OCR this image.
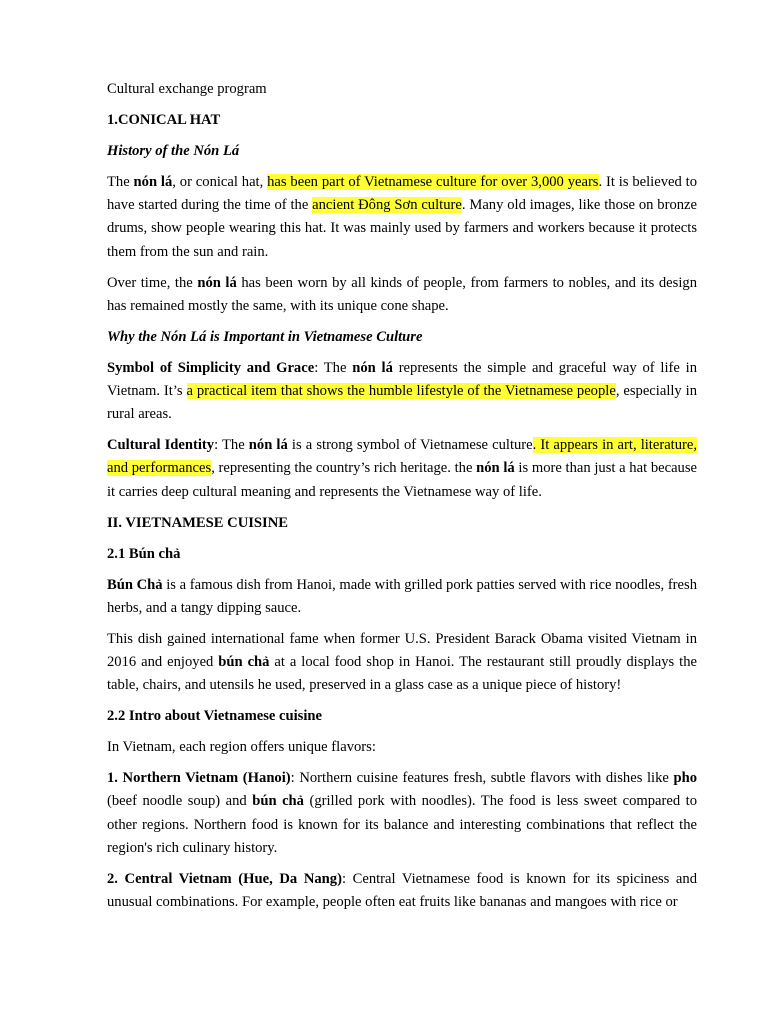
Cultural exchange program

1.CONICAL HAT

History of the Nón Lá

The nón lá, or conical hat, has been part of Vietnamese culture for over 3,000 years. It is believed to have started during the time of the ancient Đông Sơn culture. Many old images, like those on bronze drums, show people wearing this hat. It was mainly used by farmers and workers because it protects them from the sun and rain.

Over time, the nón lá has been worn by all kinds of people, from farmers to nobles, and its design has remained mostly the same, with its unique cone shape.

Why the Nón Lá is Important in Vietnamese Culture

Symbol of Simplicity and Grace: The nón lá represents the simple and graceful way of life in Vietnam. It’s a practical item that shows the humble lifestyle of the Vietnamese people, especially in rural areas.

Cultural Identity: The nón lá is a strong symbol of Vietnamese culture. It appears in art, literature, and performances, representing the country’s rich heritage. the nón lá is more than just a hat because it carries deep cultural meaning and represents the Vietnamese way of life.

II. VIETNAMESE CUISINE

2.1 Bún chả

Bún Chả is a famous dish from Hanoi, made with grilled pork patties served with rice noodles, fresh herbs, and a tangy dipping sauce.

This dish gained international fame when former U.S. President Barack Obama visited Vietnam in 2016 and enjoyed bún chả at a local food shop in Hanoi. The restaurant still proudly displays the table, chairs, and utensils he used, preserved in a glass case as a unique piece of history!

2.2 Intro about Vietnamese cuisine

In Vietnam, each region offers unique flavors:

1. Northern Vietnam (Hanoi): Northern cuisine features fresh, subtle flavors with dishes like pho (beef noodle soup) and bún chả (grilled pork with noodles). The food is less sweet compared to other regions. Northern food is known for its balance and interesting combinations that reflect the region's rich culinary history.

2. Central Vietnam (Hue, Da Nang): Central Vietnamese food is known for its spiciness and unusual combinations. For example, people often eat fruits like bananas and mangoes with rice or
